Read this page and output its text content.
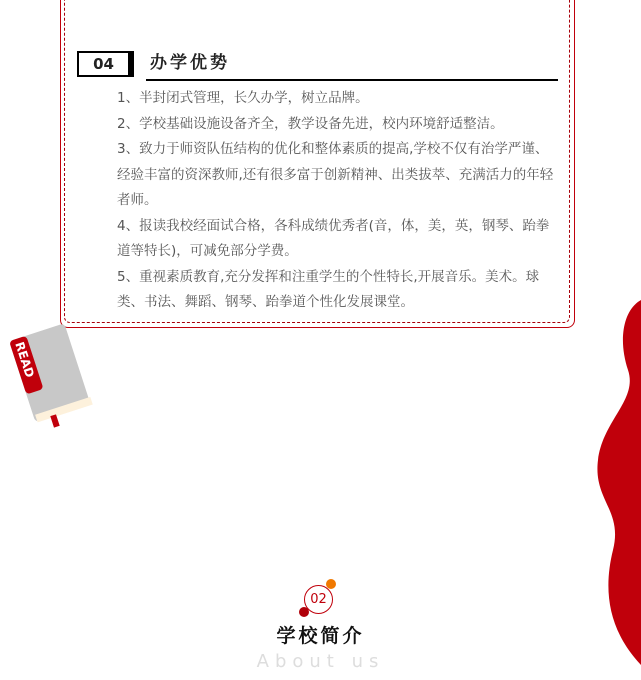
04	办学优势

1、半封闭式管理，长久办学，树立品牌。

2、学校基础设施设备齐全，教学设备先进，校内环境舒适整洁。

3、致力于师资队伍结构的优化和整体素质的提高,学校不仅有治学严谨、经验丰富的资深教师,还有很多富于创新精神、出类拔萃、充满活力的年轻者师。

4、报读我校经面试合格，各科成绩优秀者(音，体，美，英，钢琴、跆拳道等特长)，可减免部分学费。

5、重视素质教育,充分发挥和注重学生的个性特长,开展音乐。美术。球类、书法、舞蹈、钢琴、跆拳道个性化发展课堂。

READ
02
学校简介
About us
